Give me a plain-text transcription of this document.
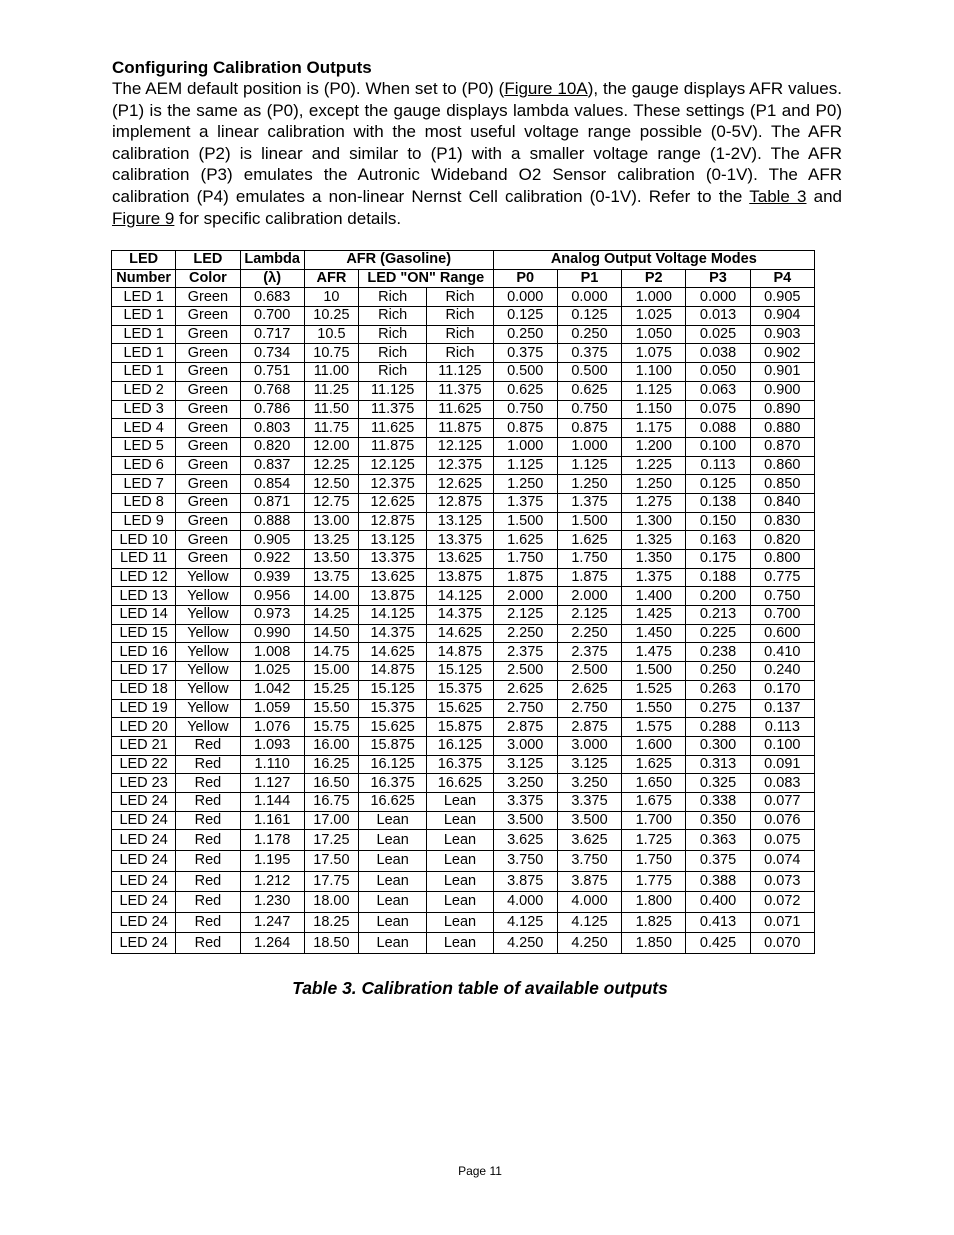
Configuring Calibration Outputs
The AEM default position is (P0). When set to (P0) (Figure 10A), the gauge displays AFR values. (P1) is the same as (P0), except the gauge displays lambda values. These settings (P1 and P0) implement a linear calibration with the most useful voltage range possible (0-5V). The AFR calibration (P2) is linear and similar to (P1) with a smaller voltage range (1-2V). The AFR calibration (P3) emulates the Autronic Wideband O2 Sensor calibration (0-1V). The AFR calibration (P4) emulates a non-linear Nernst Cell calibration (0-1V). Refer to the Table 3 and Figure 9 for specific calibration details.
LED	LED	Lambda	AFR (Gasoline)			Analog Output Voltage Modes				
Number	Color	(λ)	AFR	LED "ON" Range		P0	P1	P2	P3	P4
LED 1	Green	0.683	10	Rich	Rich	0.000	0.000	1.000	0.000	0.905
LED 1	Green	0.700	10.25	Rich	Rich	0.125	0.125	1.025	0.013	0.904
LED 1	Green	0.717	10.5	Rich	Rich	0.250	0.250	1.050	0.025	0.903
LED 1	Green	0.734	10.75	Rich	Rich	0.375	0.375	1.075	0.038	0.902
LED 1	Green	0.751	11.00	Rich	11.125	0.500	0.500	1.100	0.050	0.901
LED 2	Green	0.768	11.25	11.125	11.375	0.625	0.625	1.125	0.063	0.900
LED 3	Green	0.786	11.50	11.375	11.625	0.750	0.750	1.150	0.075	0.890
LED 4	Green	0.803	11.75	11.625	11.875	0.875	0.875	1.175	0.088	0.880
LED 5	Green	0.820	12.00	11.875	12.125	1.000	1.000	1.200	0.100	0.870
LED 6	Green	0.837	12.25	12.125	12.375	1.125	1.125	1.225	0.113	0.860
LED 7	Green	0.854	12.50	12.375	12.625	1.250	1.250	1.250	0.125	0.850
LED 8	Green	0.871	12.75	12.625	12.875	1.375	1.375	1.275	0.138	0.840
LED 9	Green	0.888	13.00	12.875	13.125	1.500	1.500	1.300	0.150	0.830
LED 10	Green	0.905	13.25	13.125	13.375	1.625	1.625	1.325	0.163	0.820
LED 11	Green	0.922	13.50	13.375	13.625	1.750	1.750	1.350	0.175	0.800
LED 12	Yellow	0.939	13.75	13.625	13.875	1.875	1.875	1.375	0.188	0.775
LED 13	Yellow	0.956	14.00	13.875	14.125	2.000	2.000	1.400	0.200	0.750
LED 14	Yellow	0.973	14.25	14.125	14.375	2.125	2.125	1.425	0.213	0.700
LED 15	Yellow	0.990	14.50	14.375	14.625	2.250	2.250	1.450	0.225	0.600
LED 16	Yellow	1.008	14.75	14.625	14.875	2.375	2.375	1.475	0.238	0.410
LED 17	Yellow	1.025	15.00	14.875	15.125	2.500	2.500	1.500	0.250	0.240
LED 18	Yellow	1.042	15.25	15.125	15.375	2.625	2.625	1.525	0.263	0.170
LED 19	Yellow	1.059	15.50	15.375	15.625	2.750	2.750	1.550	0.275	0.137
LED 20	Yellow	1.076	15.75	15.625	15.875	2.875	2.875	1.575	0.288	0.113
LED 21	Red	1.093	16.00	15.875	16.125	3.000	3.000	1.600	0.300	0.100
LED 22	Red	1.110	16.25	16.125	16.375	3.125	3.125	1.625	0.313	0.091
LED 23	Red	1.127	16.50	16.375	16.625	3.250	3.250	1.650	0.325	0.083
LED 24	Red	1.144	16.75	16.625	Lean	3.375	3.375	1.675	0.338	0.077
LED 24	Red	1.161	17.00	Lean	Lean	3.500	3.500	1.700	0.350	0.076
LED 24	Red	1.178	17.25	Lean	Lean	3.625	3.625	1.725	0.363	0.075
LED 24	Red	1.195	17.50	Lean	Lean	3.750	3.750	1.750	0.375	0.074
LED 24	Red	1.212	17.75	Lean	Lean	3.875	3.875	1.775	0.388	0.073
LED 24	Red	1.230	18.00	Lean	Lean	4.000	4.000	1.800	0.400	0.072
LED 24	Red	1.247	18.25	Lean	Lean	4.125	4.125	1.825	0.413	0.071
LED 24	Red	1.264	18.50	Lean	Lean	4.250	4.250	1.850	0.425	0.070
Table 3. Calibration table of available outputs
Page 11
